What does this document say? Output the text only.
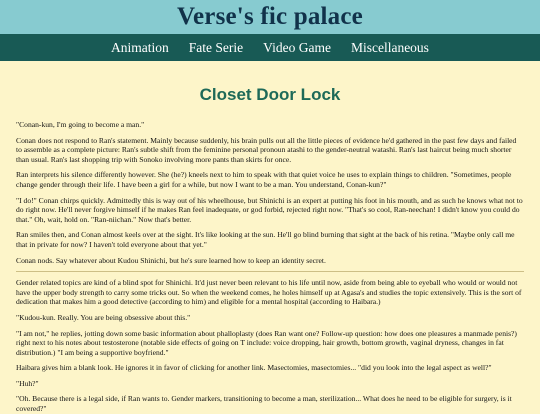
Verse's fic palace
Animation Fate Serie Video Game Miscellaneous
Closet Door Lock

"Conan-kun, I'm going to become a man."

Conan does not respond to Ran's statement. Mainly because suddenly, his brain pulls out all the little pieces of evidence he'd gathered in the past few days and failed to assemble as a complete picture: Ran's subtle shift from the feminine personal pronoun atashi to the gender-neutral watashi. Ran's last haircut being much shorter than usual. Ran's last shopping trip with Sonoko involving more pants than skirts for once.

Ran interprets his silence differently however. She (he?) kneels next to him to speak with that quiet voice he uses to explain things to children. "Sometimes, people change gender through their life. I have been a girl for a while, but now I want to be a man. You understand, Conan-kun?"

"I do!" Conan chirps quickly. Admittedly this is way out of his wheelhouse, but Shinichi is an expert at putting his foot in his mouth, and as such he knows what not to do right now. He'll never forgive himself if he makes Ran feel inadequate, or god forbid, rejected right now. "That's so cool, Ran-neechan! I didn't know you could do that." Oh, wait, hold on. "Ran-niichan." Now that's better.

Ran smiles then, and Conan almost keels over at the sight. It's like looking at the sun. He'll go blind burning that sight at the back of his retina. "Maybe only call me that in private for now? I haven't told everyone about that yet."

Conan nods. Say whatever about Kudou Shinichi, but he's sure learned how to keep an identity secret.

Gender related topics are kind of a blind spot for Shinichi. It'd just never been relevant to his life until now, aside from being able to eyeball who would or would not have the upper body strength to carry some tricks out. So when the weekend comes, he holes himself up at Agasa's and studies the topic extensively. This is the sort of dedication that makes him a good detective (according to him) and eligible for a mental hospital (according to Haibara.)

"Kudou-kun. Really. You are being obsessive about this."

"I am not," he replies, jotting down some basic information about phalloplasty (does Ran want one? Follow-up question: how does one pleasures a manmade penis?) right next to his notes about testosterone (notable side effects of going on T include: voice dropping, hair growth, bottom growth, vaginal dryness, changes in fat distribution.) "I am being a supportive boyfriend."

Haibara gives him a blank look. He ignores it in favor of clicking for another link. Masectomies, masectomies... "did you look into the legal aspect as well?"

"Huh?"

"Oh. Because there is a legal side, if Ran wants to. Gender markers, transitioning to become a man, sterilization... What does he need to be eligible for surgery, is it covered?"
